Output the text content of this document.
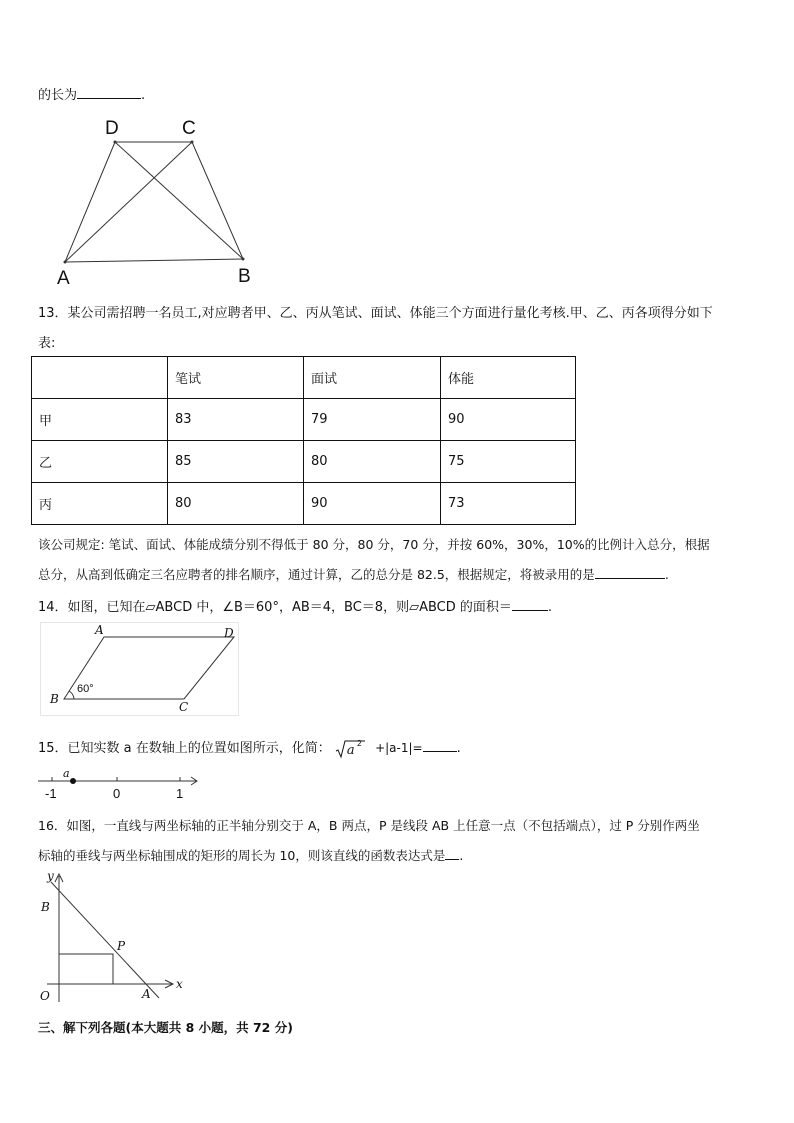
的长为	.
D	C
A	B
13．某公司需招聘一名员工,对应聘者甲、乙、丙从笔试、面试、体能三个方面进行量化考核.甲、乙、丙各项得分如下
表:
	笔试	面试	体能
甲	83	79	90
乙	85	80	75
丙	80	90	73
该公司规定: 笔试、面试、体能成绩分别不得低于 80 分，80 分，70 分，并按 60%，30%，10%的比例计入总分，根据
总分，从高到低确定三名应聘者的排名顺序，通过计算，乙的总分是 82.5，根据规定，将被录用的是	.
14．如图，已知在▱ABCD 中，∠B＝60°，AB＝4，BC＝8，则▱ABCD 的面积＝	.
A
B
C
D
60°
15．已知实数 a 在数轴上的位置如图所示，化简： a 2 +|a-1|=	.
a
-1	0	1
16．如图，一直线与两坐标轴的正半轴分别交于 A，B 两点，P 是线段 AB 上任意一点（不包括端点），过 P 分别作两坐
标轴的垂线与两坐标轴围成的矩形的周长为 10，则该直线的函数表达式是 .
y
x
B
P
O	A
三、解下列各题(本大题共 8 小题，共 72 分)
